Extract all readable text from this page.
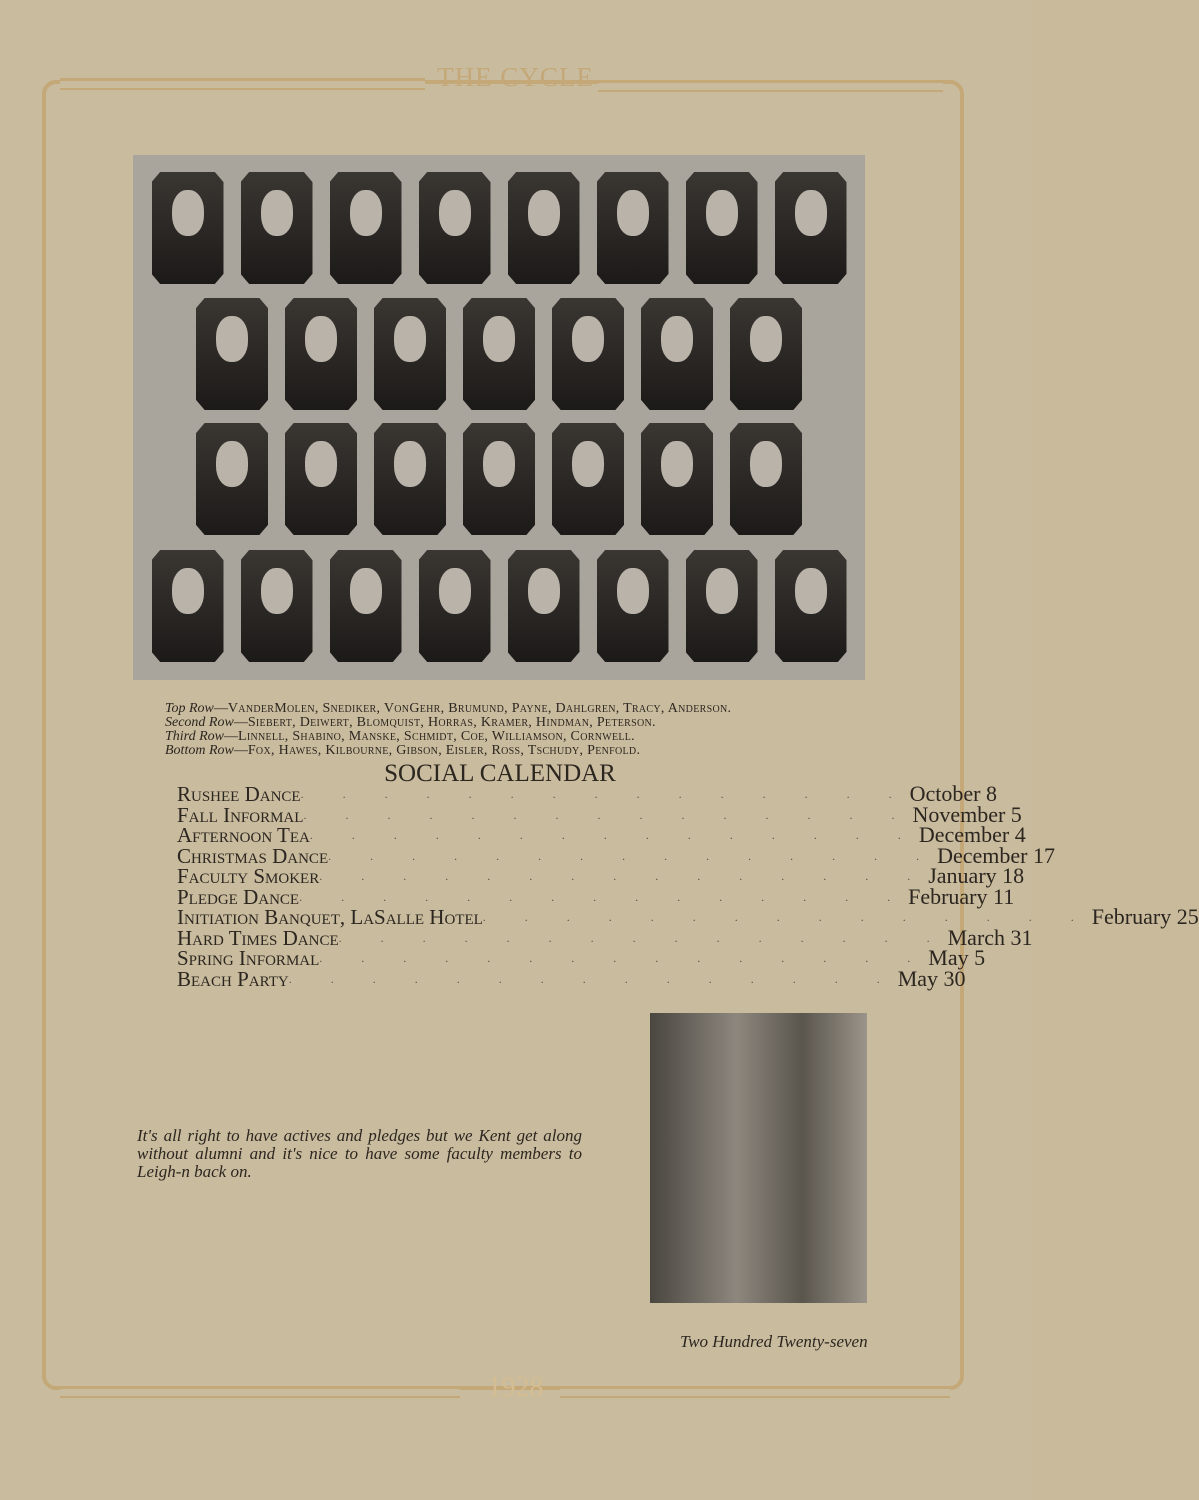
THE CYCLE
1928
Top Row—VanderMolen, Snediker, VonGehr, Brumund, Payne, Dahlgren, Tracy, Anderson.
Second Row—Siebert, Deiwert, Blomquist, Horras, Kramer, Hindman, Peterson.
Third Row—Linnell, Shabino, Manske, Schmidt, Coe, Williamson, Cornwell.
Bottom Row—Fox, Hawes, Kilbourne, Gibson, Eisler, Ross, Tschudy, Penfold.
SOCIAL CALENDAR
Rushee Dance . . . . . . . . . . . . . . . October 8
Fall Informal . . . . . . . . . . . . . . . November 5
Afternoon Tea . . . . . . . . . . . . . . . December 4
Christmas Dance . . . . . . . . . . . . . . . December 17
Faculty Smoker . . . . . . . . . . . . . . . January 18
Pledge Dance . . . . . . . . . . . . . . . February 11
Initiation Banquet, LaSalle Hotel . . . . . . . . . . . . . . . February 25
Hard Times Dance . . . . . . . . . . . . . . . March 31
Spring Informal . . . . . . . . . . . . . . . May 5
Beach Party . . . . . . . . . . . . . . . May 30
It's all right to have actives and pledges but we Kent get along without alumni and it's nice to have some faculty members to Leigh-n back on.
Two Hundred Twenty-seven
